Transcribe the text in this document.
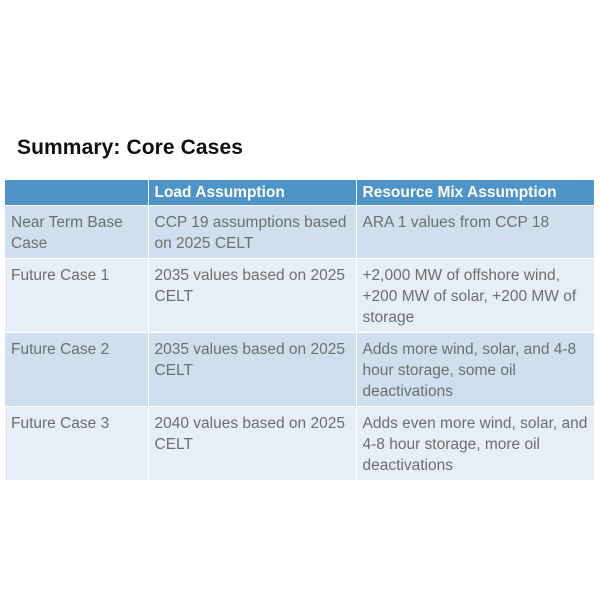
Summary: Core Cases
	Load Assumption	Resource Mix Assumption
Near Term Base Case	CCP 19 assumptions based on 2025 CELT	ARA 1 values from CCP 18
Future Case 1	2035 values based on 2025 CELT	+2,000 MW of offshore wind, +200 MW of solar, +200 MW of storage
Future Case 2	2035 values based on 2025 CELT	Adds more wind, solar, and 4-8 hour storage, some oil deactivations
Future Case 3	2040 values based on 2025 CELT	Adds even more wind, solar, and 4-8 hour storage, more oil deactivations
